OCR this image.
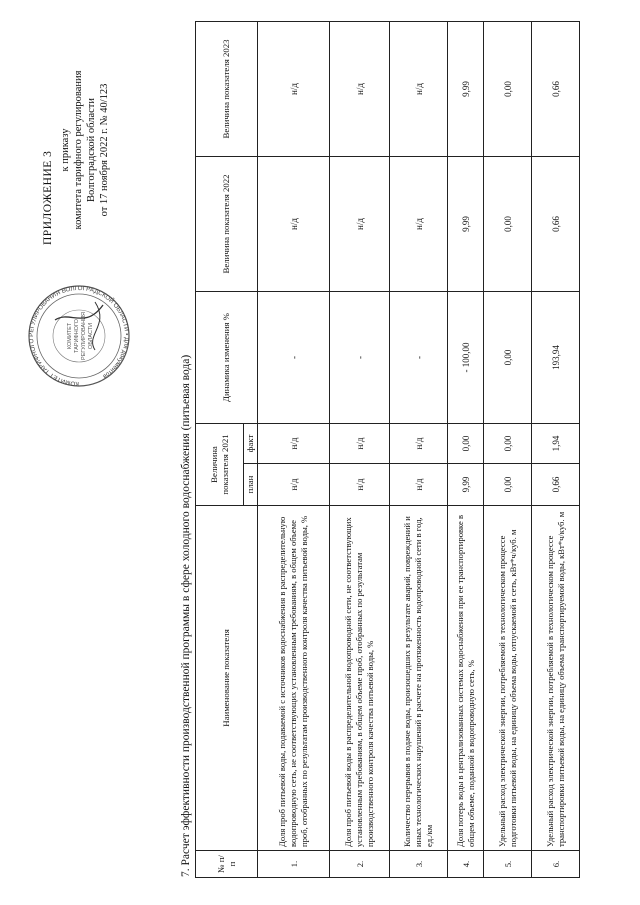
КОМИТЕТ ТАРИФНОГО РЕГУЛИРОВАНИЯ ВОЛГОГРАДСКОЙ ОБЛАСТИ • Для документов
КОМИТЕТ ТАРИФНОГО РЕГУЛИРОВАНИЯ ОБЛАСТИ
ПРИЛОЖЕНИЕ 3
к приказу комитета тарифного регулирования Волгоградской области от 17 ноября 2022 г. № 40/123
7. Расчет эффективности производственной программы в сфере холодного водоснабжения (питьевая вода)	№ п/п	Наименование показателя	Величина показателя 2021		Динамика изменения %	Величина показателя 2022	Величина показателя 2023
		план	факт			
1.	Доля проб питьевой воды, подаваемой с источников водоснабжения в распределительную водопроводную сеть, не соответствующих установленным требованиям, в общем объеме проб, отобранных по результатам производственного контроля качества питьевой воды, %	н/д	н/д	-	н/д	н/д
2.	Доля проб питьевой воды в распределительной водопроводной сети, не соответствующих установленным требованиям, в общем объеме проб, отобранных по результатам производственного контроля качества питьевой воды, %	н/д	н/д	-	н/д	н/д
3.	Количество перерывов в подаче воды, произошедших в результате аварий, повреждений и иных технологических нарушений в расчете на протяженность водопроводной сети в год, ед./км	н/д	н/д	-	н/д	н/д
4.	Доля потерь воды в централизованных системах водоснабжения при ее транспортировке в общем объеме, поданной в водопроводную сеть, %	9,99	0,00	- 100,00	9,99	9,99
5.	Удельный расход электрической энергии, потребляемой в технологическом процессе подготовки питьевой воды, на единицу объема воды, отпускаемой в сеть, кВт*ч/куб. м	0,00	0,00	0,00	0,00	0,00
6.	Удельный расход электрической энергии, потребляемой в технологическом процессе транспортировки питьевой воды, на единицу объема транспортируемой воды, кВт*ч/куб. м	0,66	1,94	193,94	0,66	0,66
